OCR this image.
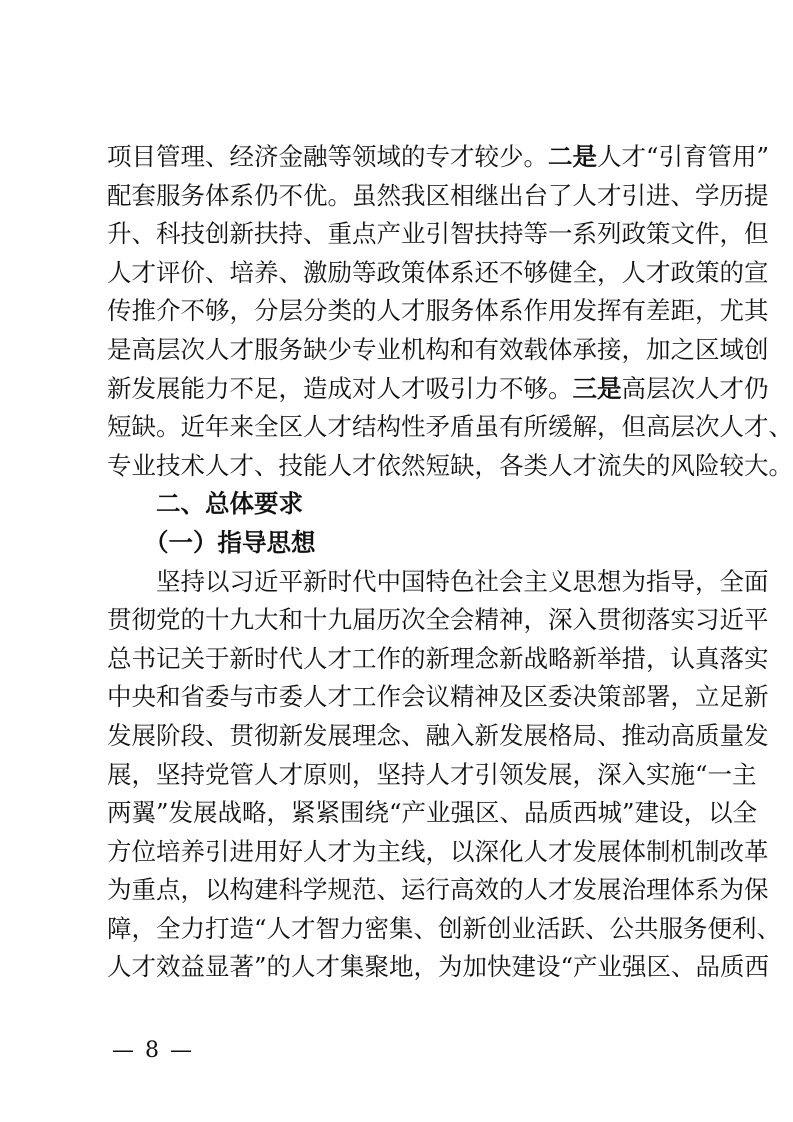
项目管理、经济金融等领域的专才较少。二是人才“引育管用”
配套服务体系仍不优。虽然我区相继出台了人才引进、学历提
升、科技创新扶持、重点产业引智扶持等一系列政策文件，但
人才评价、培养、激励等政策体系还不够健全，人才政策的宣
传推介不够，分层分类的人才服务体系作用发挥有差距，尤其
是高层次人才服务缺少专业机构和有效载体承接，加之区域创
新发展能力不足，造成对人才吸引力不够。三是高层次人才仍
短缺。近年来全区人才结构性矛盾虽有所缓解，但高层次人才、
专业技术人才、技能人才依然短缺，各类人才流失的风险较大。
二、总体要求
（一）指导思想
坚持以习近平新时代中国特色社会主义思想为指导，全面
贯彻党的十九大和十九届历次全会精神，深入贯彻落实习近平
总书记关于新时代人才工作的新理念新战略新举措，认真落实
中央和省委与市委人才工作会议精神及区委决策部署，立足新
发展阶段、贯彻新发展理念、融入新发展格局、推动高质量发
展，坚持党管人才原则，坚持人才引领发展，深入实施“一主
两翼”发展战略，紧紧围绕“产业强区、品质西城”建设，以全
方位培养引进用好人才为主线，以深化人才发展体制机制改革
为重点，以构建科学规范、运行高效的人才发展治理体系为保
障，全力打造“人才智力密集、创新创业活跃、公共服务便利、
人才效益显著”的人才集聚地，为加快建设“产业强区、品质西
— 8 —
